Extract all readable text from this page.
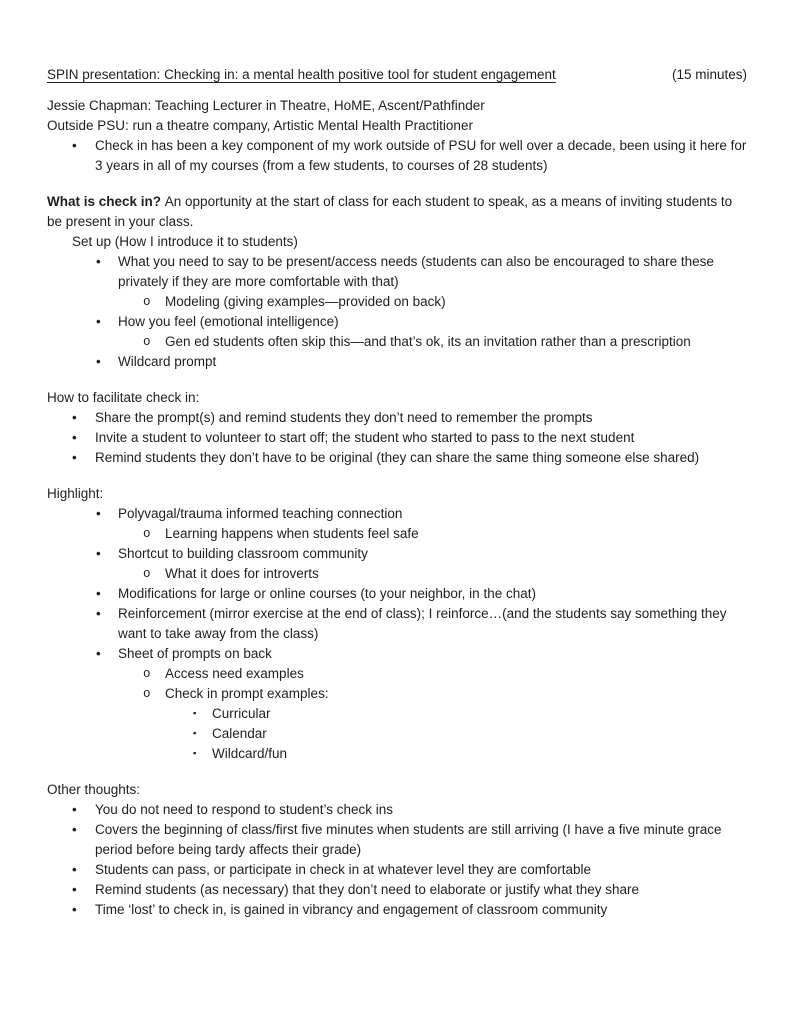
SPIN presentation: Checking in: a mental health positive tool for student engagement	(15 minutes)
Jessie Chapman: Teaching Lecturer in Theatre, HoME, Ascent/Pathfinder
Outside PSU: run a theatre company, Artistic Mental Health Practitioner
• Check in has been a key component of my work outside of PSU for well over a decade, been using it here for 3 years in all of my courses (from a few students, to courses of 28 students)
What is check in? An opportunity at the start of class for each student to speak, as a means of inviting students to be present in your class.
Set up (How I introduce it to students)
• What you need to say to be present/access needs (students can also be encouraged to share these privately if they are more comfortable with that)
o Modeling (giving examples—provided on back)
• How you feel (emotional intelligence)
o Gen ed students often skip this—and that’s ok, its an invitation rather than a prescription
• Wildcard prompt
How to facilitate check in:
• Share the prompt(s) and remind students they don’t need to remember the prompts
• Invite a student to volunteer to start off; the student who started to pass to the next student
• Remind students they don’t have to be original (they can share the same thing someone else shared)
Highlight:
• Polyvagal/trauma informed teaching connection
o Learning happens when students feel safe
• Shortcut to building classroom community
o What it does for introverts
• Modifications for large or online courses (to your neighbor, in the chat)
• Reinforcement (mirror exercise at the end of class); I reinforce…(and the students say something they want to take away from the class)
• Sheet of prompts on back
o Access need examples
o Check in prompt examples:
▪ Curricular
▪ Calendar
▪ Wildcard/fun
Other thoughts:
• You do not need to respond to student’s check ins
• Covers the beginning of class/first five minutes when students are still arriving (I have a five minute grace period before being tardy affects their grade)
• Students can pass, or participate in check in at whatever level they are comfortable
• Remind students (as necessary) that they don’t need to elaborate or justify what they share
• Time ‘lost’ to check in, is gained in vibrancy and engagement of classroom community
